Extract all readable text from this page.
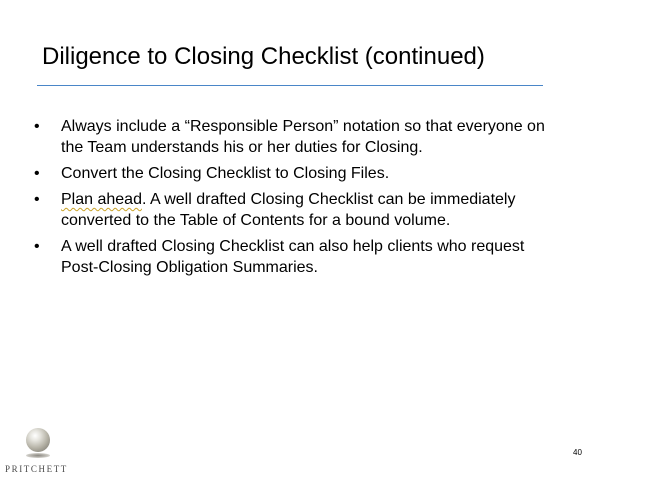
Diligence to Closing Checklist (continued)
• Always include a “Responsible Person” notation so that everyone on
the Team understands his or her duties for Closing.
• Convert the Closing Checklist to Closing Files.
• Plan ahead. A well drafted Closing Checklist can be immediately
converted to the Table of Contents for a bound volume.
• A well drafted Closing Checklist can also help clients who request
Post-Closing Obligation Summaries.
PRITCHETT
40
